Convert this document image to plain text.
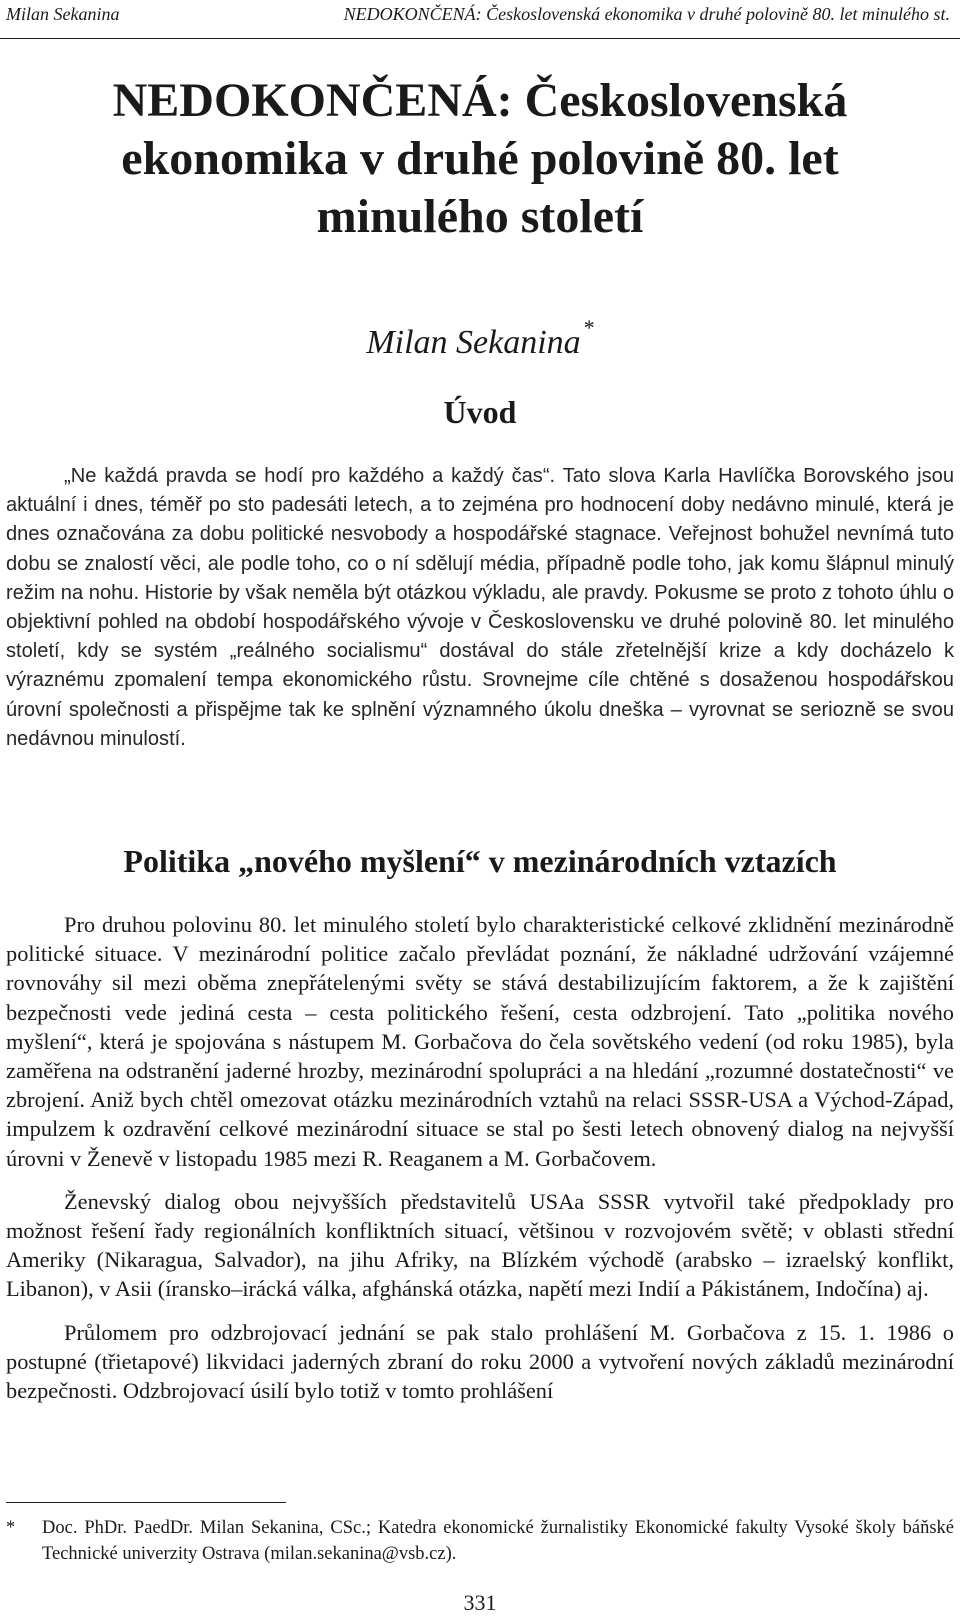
Milan Sekanina	NEDOKONČENÁ: Československá ekonomika v druhé polovině 80. let minulého st.
NEDOKONČENÁ: Československá ekonomika v druhé polovině 80. let minulého století
Milan Sekanina*
Úvod

„Ne každá pravda se hodí pro každého a každý čas“. Tato slova Karla Havlíčka Borovského jsou aktuální i dnes, téměř po sto padesáti letech, a to zejména pro hodnocení doby nedávno minulé, která je dnes označována za dobu politické nesvobody a hospodářské stagnace. Veřejnost bohužel nevnímá tuto dobu se znalostí věci, ale podle toho, co o ní sdělují média, případně podle toho, jak komu šlápnul minulý režim na nohu. Historie by však neměla být otázkou výkladu, ale pravdy. Pokusme se proto z tohoto úhlu o objektivní pohled na období hospodářského vývoje v Československu ve druhé polovině 80. let minulého století, kdy se systém „reálného socialismu“ dostával do stále zřetelnější krize a kdy docházelo k výraznému zpomalení tempa ekonomického růstu. Srovnejme cíle chtěné s dosaženou hospodářskou úrovní společnosti a přispějme tak ke splnění významného úkolu dneška – vyrovnat se seriozně se svou nedávnou minulostí.

Politika „nového myšlení“ v mezinárodních vztazích

Pro druhou polovinu 80. let minulého století bylo charakteristické celkové zklidnění mezinárodně politické situace. V mezinárodní politice začalo převládat poznání, že nákladné udržování vzájemné rovnováhy sil mezi oběma znepřátelenými světy se stává destabilizujícím faktorem, a že k zajištění bezpečnosti vede jediná cesta – cesta politického řešení, cesta odzbrojení. Tato „politika nového myšlení“, která je spojována s nástupem M. Gorbačova do čela sovětského vedení (od roku 1985), byla zaměřena na odstranění jaderné hrozby, mezinárodní spolupráci a na hledání „rozumné dostatečnosti“ ve zbrojení. Aniž bych chtěl omezovat otázku mezinárodních vztahů na relaci SSSR-USA a Východ-Západ, impulzem k ozdravění celkové mezinárodní situace se stal po šesti letech obnovený dialog na nejvyšší úrovni v Ženevě v listopadu 1985 mezi R. Reaganem a M. Gorbačovem.

Ženevský dialog obou nejvyšších představitelů USAa SSSR vytvořil také předpoklady pro možnost řešení řady regionálních konfliktních situací, většinou v rozvojovém světě; v oblasti střední Ameriky (Nikaragua, Salvador), na jihu Afriky, na Blízkém východě (arabsko – izraelský konflikt, Libanon), v Asii (íransko–irácká válka, afghánská otázka, napětí mezi Indií a Pákistánem, Indočína) aj.

Průlomem pro odzbrojovací jednání se pak stalo prohlášení M. Gorbačova z 15. 1. 1986 o postupné (třietapové) likvidaci jaderných zbraní do roku 2000 a vytvoření nových základů mezinárodní bezpečnosti. Odzbrojovací úsilí bylo totiž v tomto prohlášení

*	Doc. PhDr. PaedDr. Milan Sekanina, CSc.; Katedra ekonomické žurnalistiky Ekonomické fakulty Vysoké školy báňské Technické univerzity Ostrava (milan.sekanina@vsb.cz).
331
